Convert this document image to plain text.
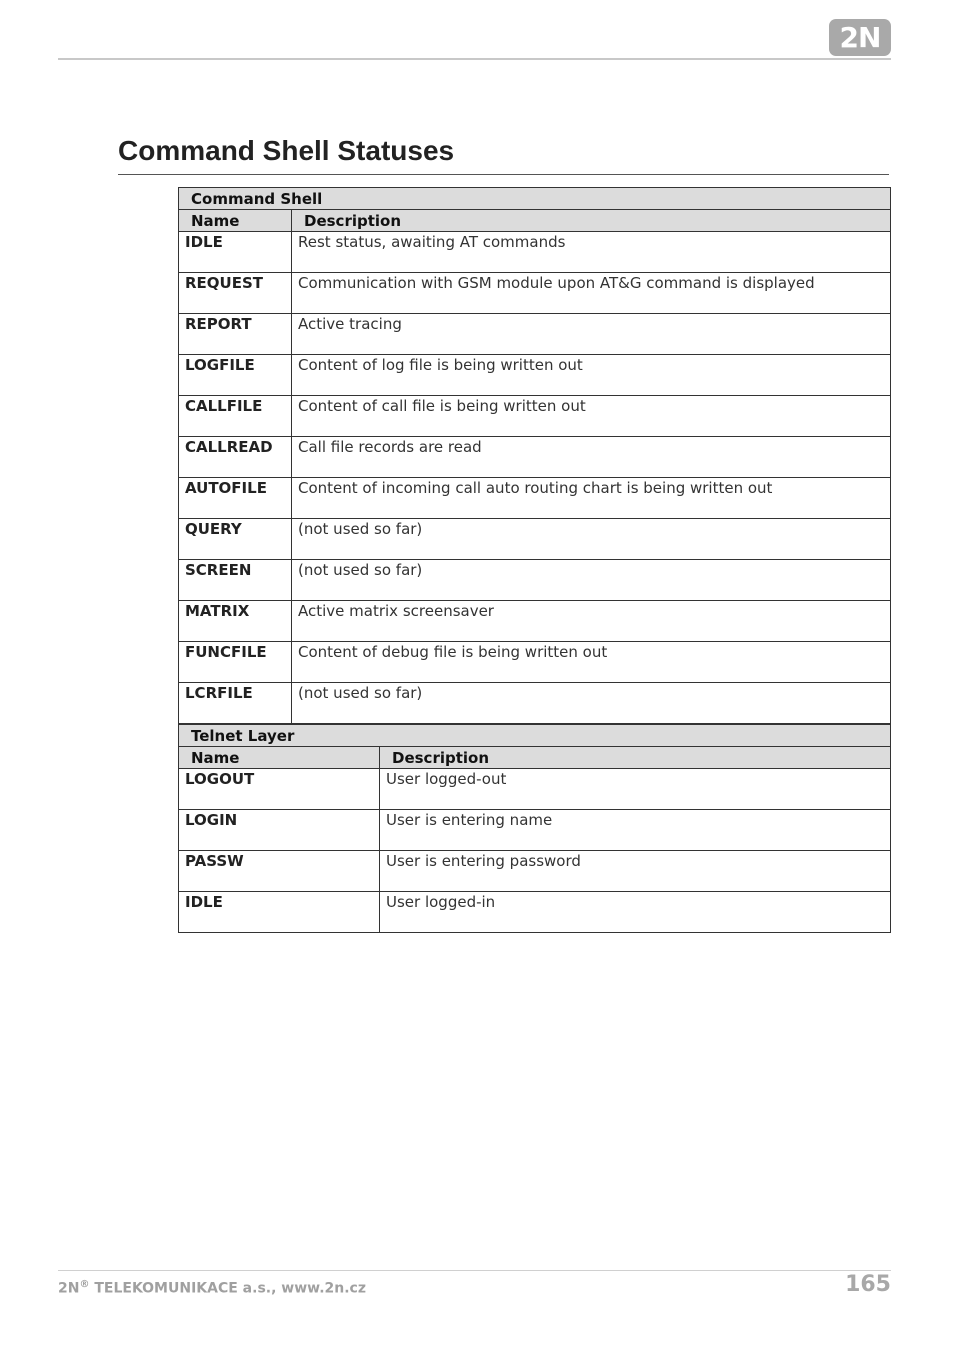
2N
Command Shell Statuses
Command Shell	
Name	Description
IDLE	Rest status, awaiting AT commands
REQUEST	Communication with GSM module upon AT&G command is displayed
REPORT	Active tracing
LOGFILE	Content of log file is being written out
CALLFILE	Content of call file is being written out
CALLREAD	Call file records are read
AUTOFILE	Content of incoming call auto routing chart is being written out
QUERY	(not used so far)
SCREEN	(not used so far)
MATRIX	Active matrix screensaver
FUNCFILE	Content of debug file is being written out
LCRFILE	(not used so far)
Telnet Layer	
Name	Description
LOGOUT	User logged-out
LOGIN	User is entering name
PASSW	User is entering password
IDLE	User logged-in
2N® TELEKOMUNIKACE a.s., www.2n.cz	165
